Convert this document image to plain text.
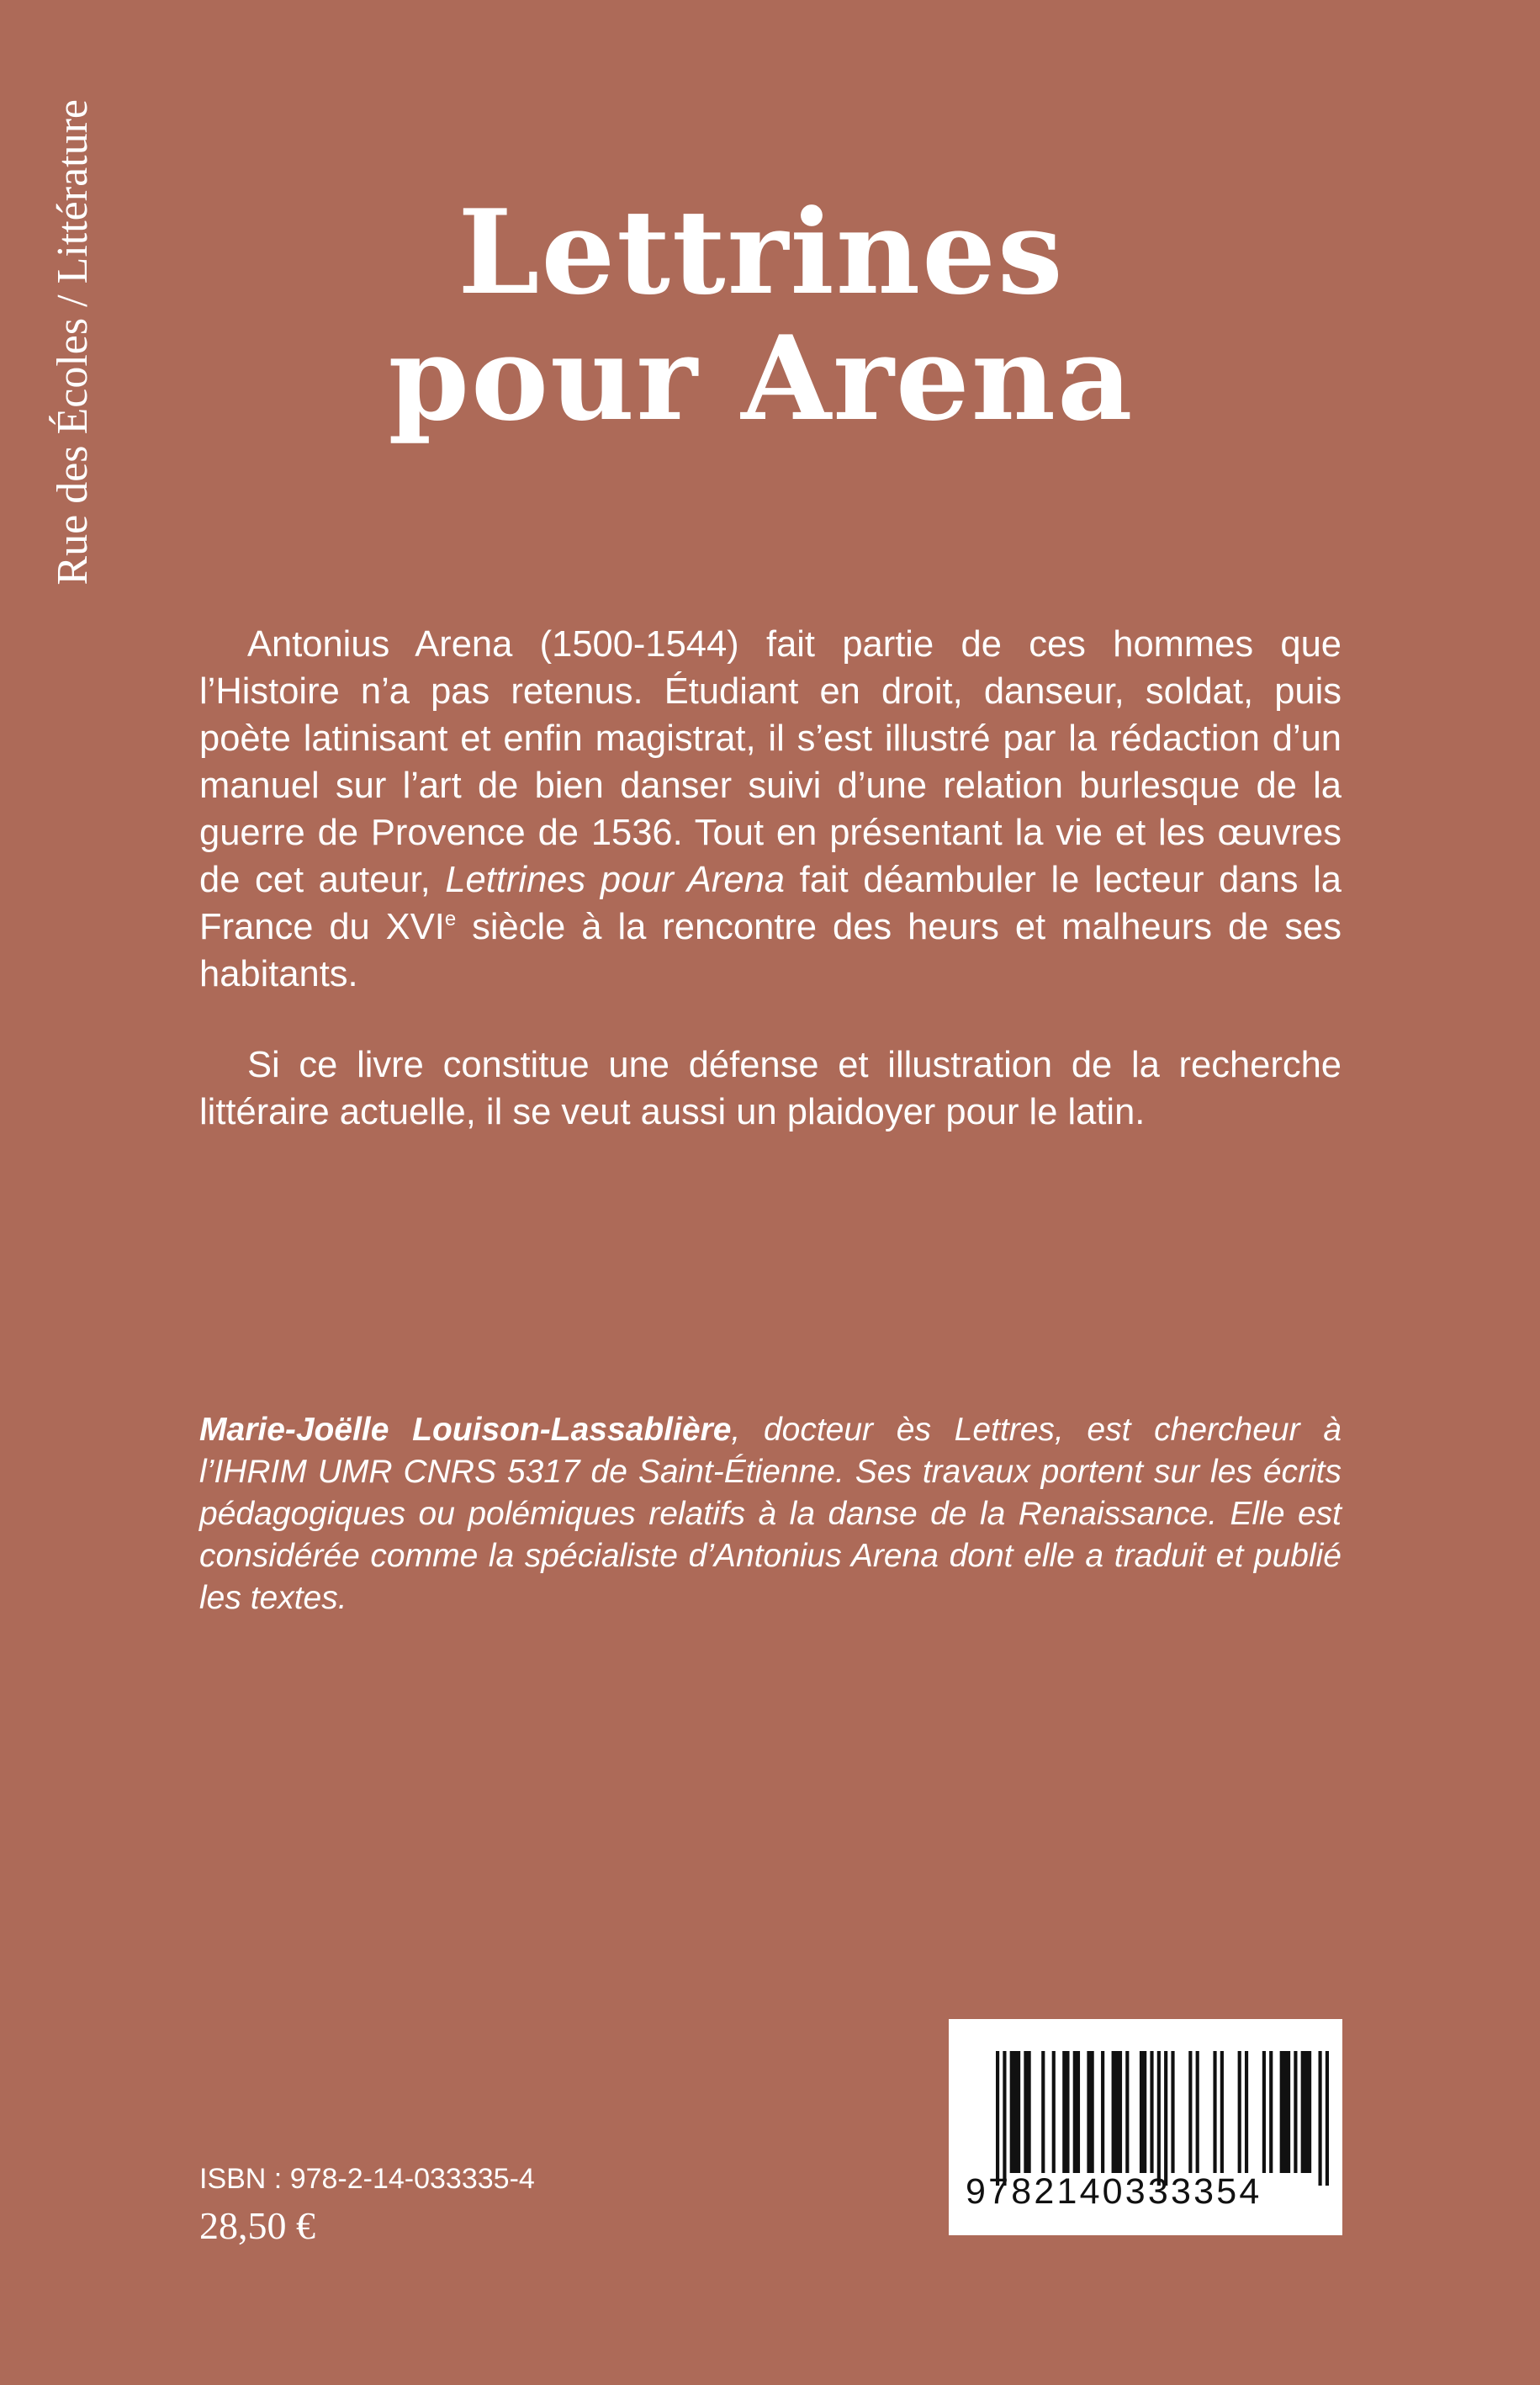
Rue des Écoles / Littérature	Lettrines
pour Arena

Antonius Arena (1500-1544) fait partie de ces hommes que l’Histoire n’a pas retenus. Étudiant en droit, danseur, soldat, puis poète latinisant et enfin magistrat, il s’est illustré par la rédaction d’un manuel sur l’art de bien danser suivi d’une relation burlesque de la guerre de Provence de 1536. Tout en présentant la vie et les œuvres de cet auteur, Lettrines pour Arena fait déambuler le lecteur dans la France du XVIe siècle à la rencontre des heurs et malheurs de ses habitants.

Si ce livre constitue une défense et illustration de la recherche littéraire actuelle, il se veut aussi un plaidoyer pour le latin.

Marie-Joëlle Louison-Lassablière, docteur ès Lettres, est chercheur à l’IHRIM UMR CNRS 5317 de Saint-Étienne. Ses travaux portent sur les écrits pédagogiques ou polémiques relatifs à la danse de la Renaissance. Elle est considérée comme la spécialiste d’Antonius Arena dont elle a traduit et publié les textes.

ISBN : 978-2-14-033335-4
28,50 €
9782140333354
